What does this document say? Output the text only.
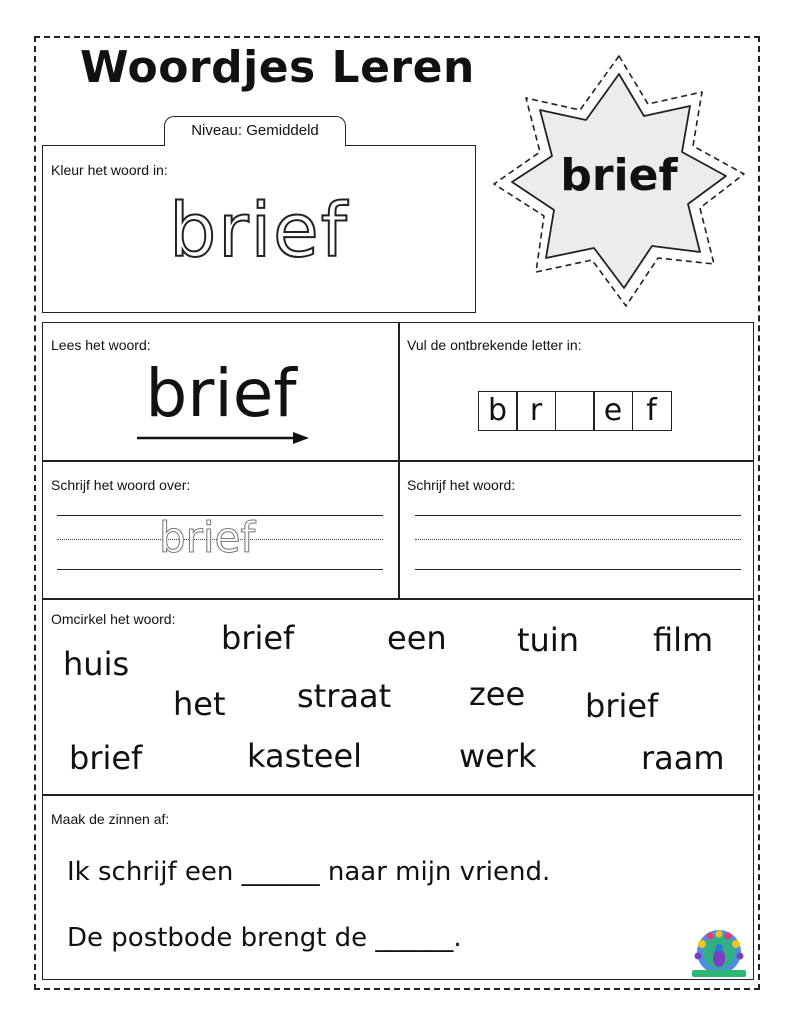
Woordjes Leren
Niveau: Gemiddeld
Kleur het woord in:
brief
brief
Lees het woord:
brief
Vul de ontbrekende letter in:
b r	e f
Schrijf het woord over:
brief
Schrijf het woord:
Omcirkel het woord: brief	een tuin film
huis
het straat zee brief
brief	kasteel	werk	raam
Maak de zinnen af:
Ik schrijf een ______ naar mijn vriend.
De postbode brengt de ______.
